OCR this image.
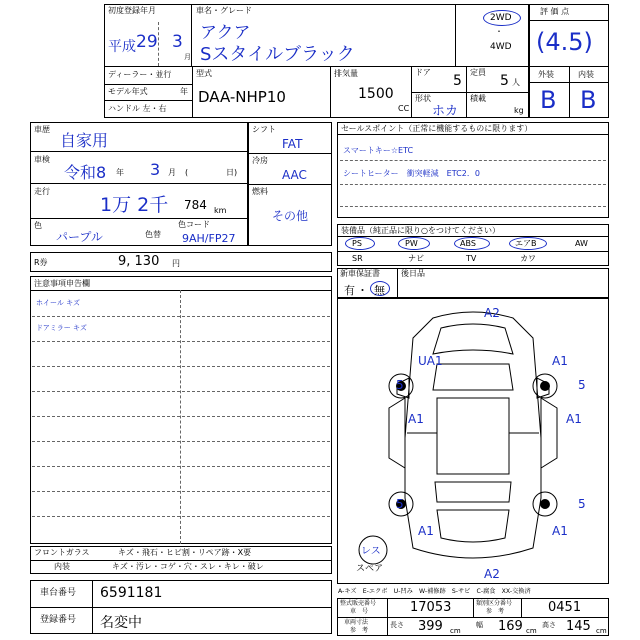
初度登録年月
平成 29 3
月
ディーラー・並行
モデル年式	年
ハンドル 左・右
車名・グレード
アクア
Sスタイルブラック
2WD
・
4WD
型式
DAA-NHP10
排気量
1500
CC
ドア
5
定員
5 人
形状
ホカ
積載
kg
評 価 点
(4.5)
外装	内装
B B
車歴
自家用
車検
令和8 年 3 月 (	日)
走行
1万 2千 784 km
色
パープル	色替
色コード
9AH/FP27
シフト
FAT
冷房
AAC
燃料
その他
R券	9, 130 円
セールスポイント（正常に機能するものに限ります）
スマートキー☆ETC
シートヒーター　衝突軽減　ETC2．0
装備品（純正品に限り○をつけてください）
PS	PW	ABS	エアB	AW
SR	ナビ	TV	カワ
新車保証書
有 ・ 無
後日品
注意事項申告欄
ホイール キズ
ドアミラー キズ
フロントガラス	キズ・飛石・ヒビ割・リペア跡・X要
内装	キズ・汚レ・コゲ・穴・スレ・キレ・破レ
車台番号 6591181
登録番号 名変中
A2
UA1	A1
5	5
A1	A1
5	5
A1	A1
レス
スペア	A2
A-キズ　E-エクボ　U-凹み　W-補修跡　S-サビ　C-腐食　XX-交換済
整式販売番号
車　号	17053	類別区分番号
参　考	0451
車両寸法
参　考
長さ 399 cm
幅 169 cm
高さ 145 cm
